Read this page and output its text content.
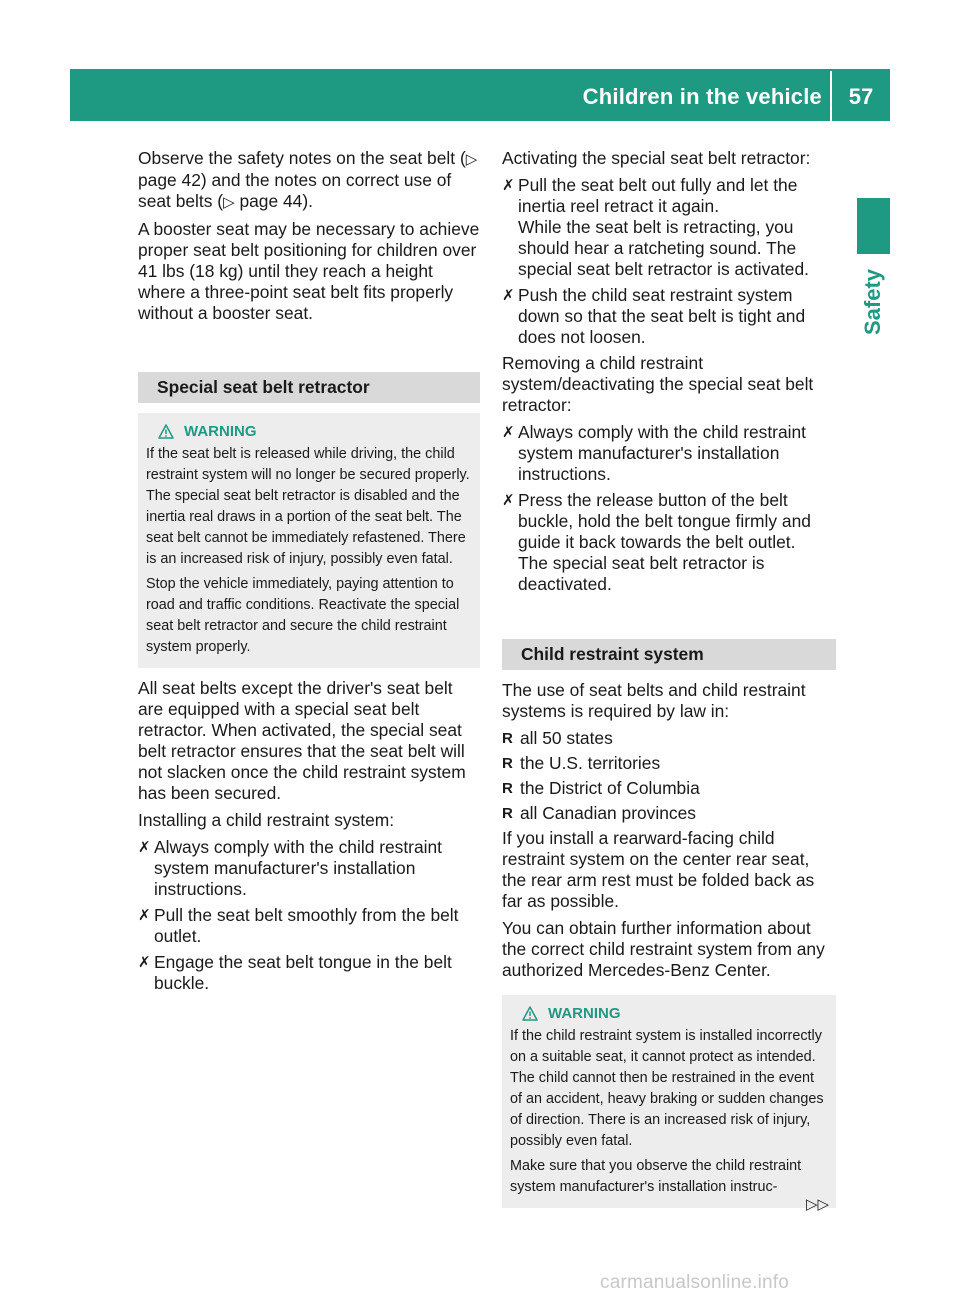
Children in the vehicle	57
Safety

Observe the safety notes on the seat belt (▷ page 42) and the notes on correct use of seat belts (▷ page 44).

A booster seat may be necessary to achieve proper seat belt positioning for children over 41 lbs (18 kg) until they reach a height where a three-point seat belt fits properly without a booster seat.

Special seat belt retractor
WARNING

If the seat belt is released while driving, the child restraint system will no longer be secured properly. The special seat belt retractor is disabled and the inertia real draws in a portion of the seat belt. The seat belt cannot be immediately refastened. There is an increased risk of injury, possibly even fatal.

Stop the vehicle immediately, paying attention to road and traffic conditions. Reactivate the special seat belt retractor and secure the child restraint system properly.

All seat belts except the driver's seat belt are equipped with a special seat belt retractor. When activated, the special seat belt retractor ensures that the seat belt will not slacken once the child restraint system has been secured.

Installing a child restraint system:

✗ Always comply with the child restraint system manufacturer's installation instructions.
✗ Pull the seat belt smoothly from the belt outlet.
✗ Engage the seat belt tongue in the belt buckle.

Activating the special seat belt retractor:

✗ Pull the seat belt out fully and let the inertia reel retract it again.
While the seat belt is retracting, you should hear a ratcheting sound. The special seat belt retractor is activated.
✗ Push the child seat restraint system down so that the seat belt is tight and does not loosen.

Removing a child restraint system/deactivating the special seat belt retractor:

✗ Always comply with the child restraint system manufacturer's installation instructions.
✗ Press the release button of the belt buckle, hold the belt tongue firmly and guide it back towards the belt outlet.
The special seat belt retractor is deactivated.
Child restraint system

The use of seat belts and child restraint systems is required by law in:

R all 50 states
R the U.S. territories
R the District of Columbia
R all Canadian provinces

If you install a rearward-facing child restraint system on the center rear seat, the rear arm rest must be folded back as far as possible.

You can obtain further information about the correct child restraint system from any authorized Mercedes-Benz Center.

WARNING

If the child restraint system is installed incorrectly on a suitable seat, it cannot protect as intended. The child cannot then be restrained in the event of an accident, heavy braking or sudden changes of direction. There is an increased risk of injury, possibly even fatal.

Make sure that you observe the child restraint system manufacturer's installation instruc-

▷▷
carmanualsonline.info
